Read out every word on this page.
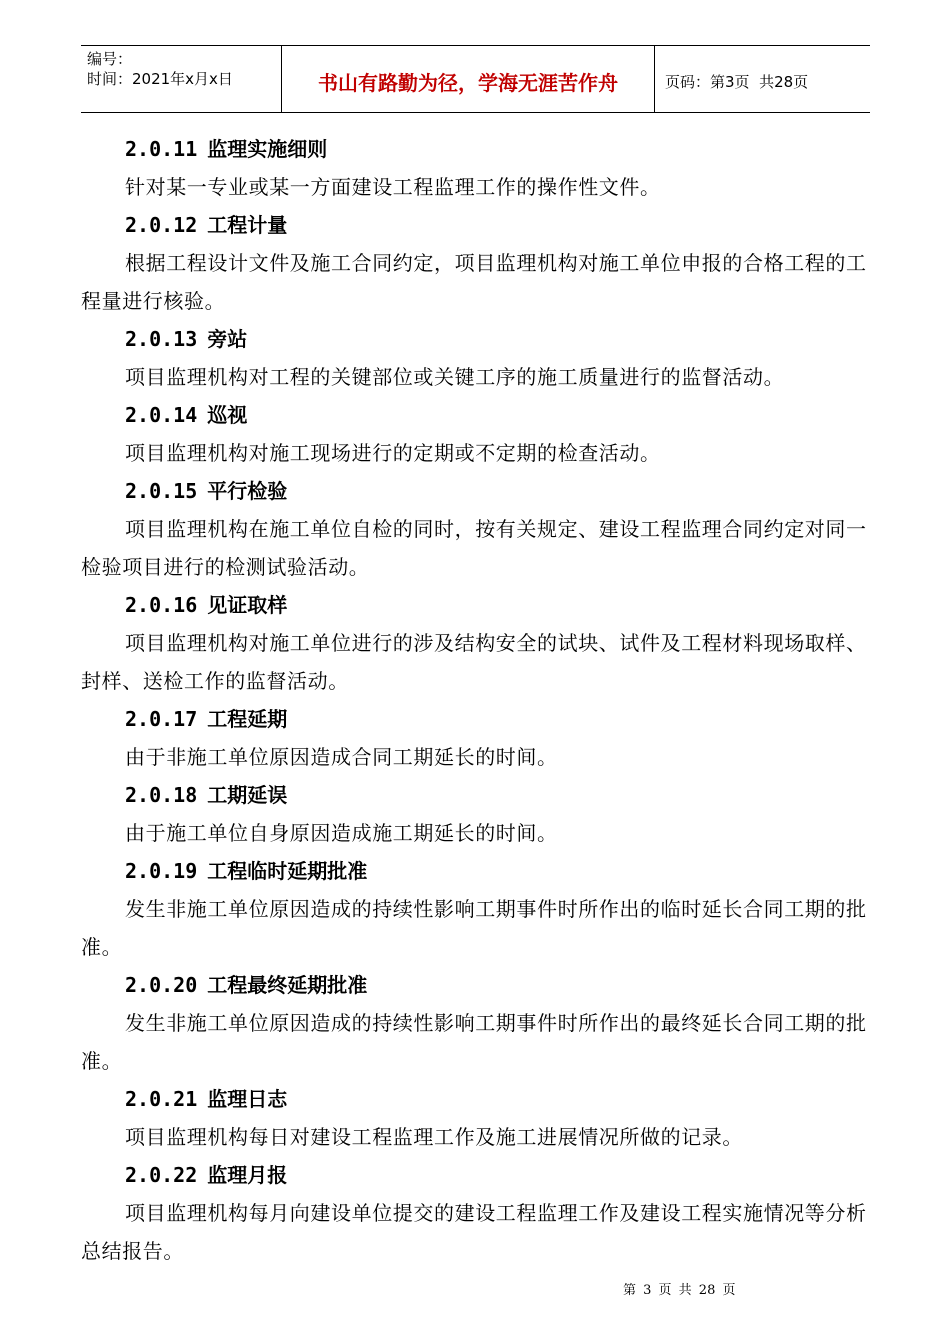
编号：
时间：2021年x月x日	书山有路勤为径，学海无涯苦作舟	页码：第3页  共28页
2.0.11 监理实施细则

针对某一专业或某一方面建设工程监理工作的操作性文件。

2.0.12 工程计量

根据工程设计文件及施工合同约定，项目监理机构对施工单位申报的合格工程的工程量进行核验。

2.0.13 旁站

项目监理机构对工程的关键部位或关键工序的施工质量进行的监督活动。

2.0.14 巡视

项目监理机构对施工现场进行的定期或不定期的检查活动。

2.0.15 平行检验

项目监理机构在施工单位自检的同时，按有关规定、建设工程监理合同约定对同一检验项目进行的检测试验活动。

2.0.16 见证取样

项目监理机构对施工单位进行的涉及结构安全的试块、试件及工程材料现场取样、封样、送检工作的监督活动。

2.0.17 工程延期

由于非施工单位原因造成合同工期延长的时间。

2.0.18 工期延误

由于施工单位自身原因造成施工期延长的时间。

2.0.19 工程临时延期批准

发生非施工单位原因造成的持续性影响工期事件时所作出的临时延长合同工期的批准。

2.0.20 工程最终延期批准

发生非施工单位原因造成的持续性影响工期事件时所作出的最终延长合同工期的批准。

2.0.21 监理日志

项目监理机构每日对建设工程监理工作及施工进展情况所做的记录。

2.0.22 监理月报

项目监理机构每月向建设单位提交的建设工程监理工作及建设工程实施情况等分析总结报告。

第 3 页 共 28 页
